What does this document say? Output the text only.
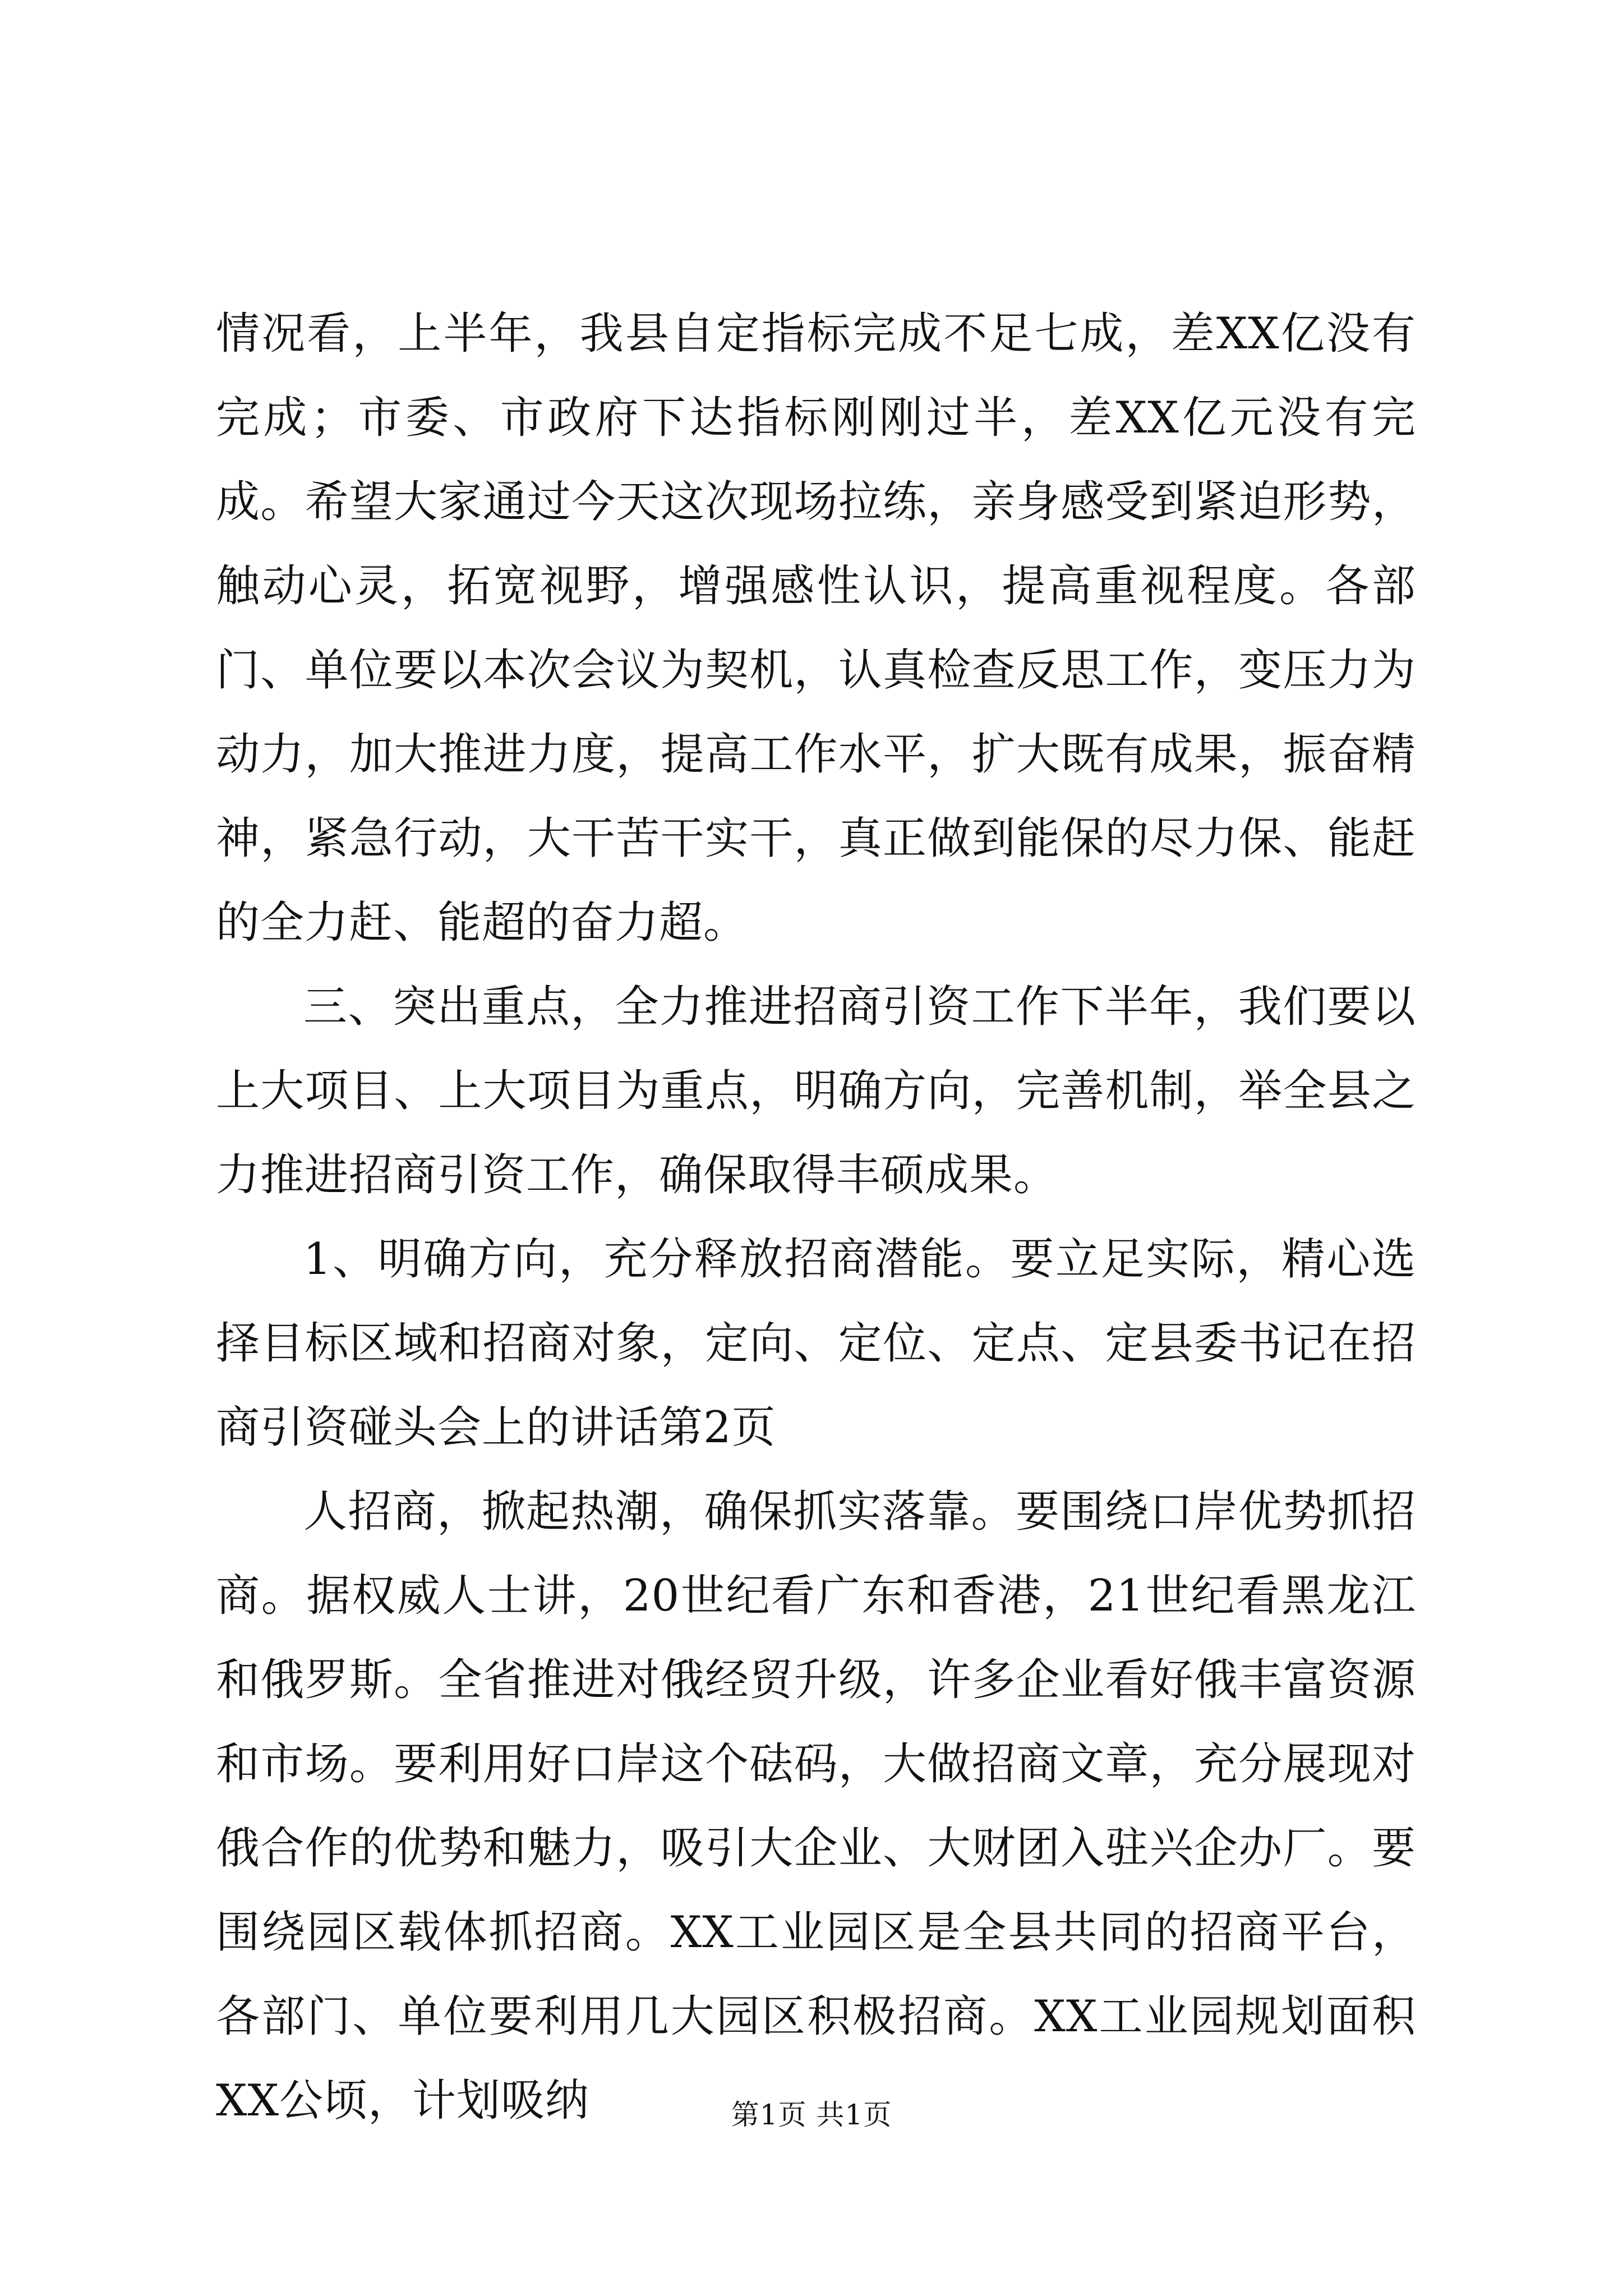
情况看，上半年，我县自定指标完成不足七成，差XX亿没有完成；市委、市政府下达指标刚刚过半，差XX亿元没有完成。希望大家通过今天这次现场拉练，亲身感受到紧迫形势，触动心灵，拓宽视野，增强感性认识，提高重视程度。各部门、单位要以本次会议为契机，认真检查反思工作，变压力为动力，加大推进力度，提高工作水平，扩大既有成果，振奋精神，紧急行动，大干苦干实干，真正做到能保的尽力保、能赶的全力赶、能超的奋力超。

三、突出重点，全力推进招商引资工作下半年，我们要以上大项目、上大项目为重点，明确方向，完善机制，举全县之力推进招商引资工作，确保取得丰硕成果。

1、明确方向，充分释放招商潜能。要立足实际，精心选择目标区域和招商对象，定向、定位、定点、定县委书记在招商引资碰头会上的讲话第2页

人招商，掀起热潮，确保抓实落靠。要围绕口岸优势抓招商。据权威人士讲，20世纪看广东和香港，21世纪看黑龙江和俄罗斯。全省推进对俄经贸升级，许多企业看好俄丰富资源和市场。要利用好口岸这个砝码，大做招商文章，充分展现对俄合作的优势和魅力，吸引大企业、大财团入驻兴企办厂。要围绕园区载体抓招商。XX工业园区是全县共同的招商平台，各部门、单位要利用几大园区积极招商。XX工业园规划面积XX公顷，计划吸纳	第1页 共1页
